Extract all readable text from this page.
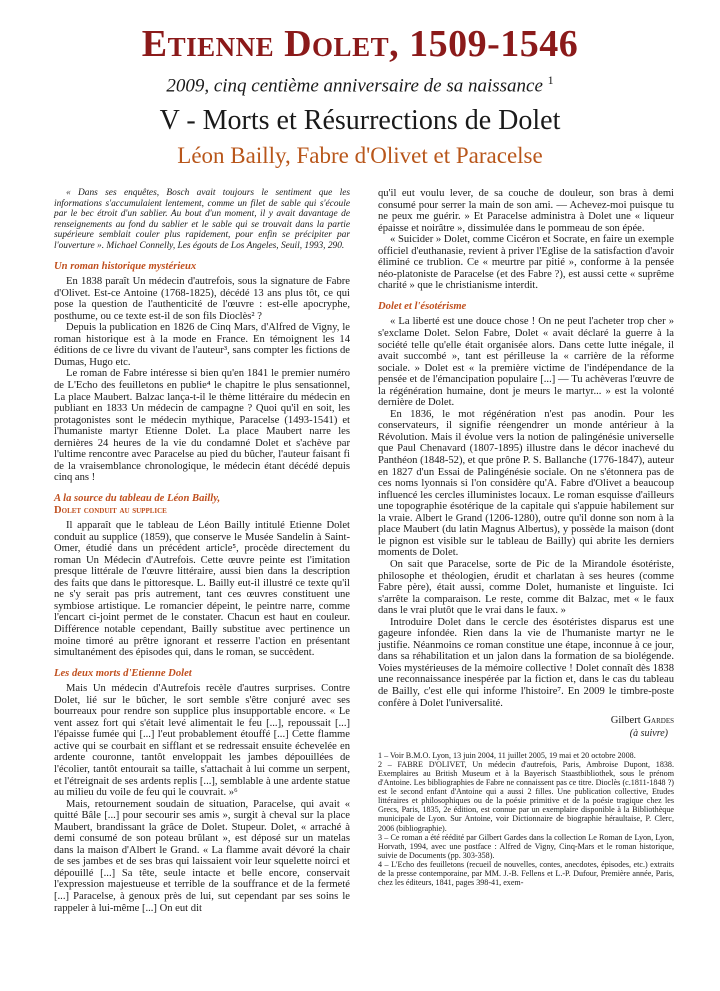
Etienne Dolet, 1509-1546
2009, cinq centième anniversaire de sa naissance $^1$
V - Morts et Résurrections de Dolet
Léon Bailly, Fabre d'Olivet et Paracelse

« Dans ses enquêtes, Bosch avait toujours le sentiment que les informations s'accumulaient lentement, comme un filet de sable qui s'écoule par le bec étroit d'un sablier. Au bout d'un moment, il y avait davantage de renseignements au fond du sablier et le sable qui se trouvait dans la partie supérieure semblait couler plus rapidement, pour enfin se précipiter par l'ouverture ». Michael Connelly, Les égouts de Los Angeles, Seuil, 1993, 290.

Un roman historique mystérieux

En 1838 paraît Un médecin d'autrefois, sous la signature de Fabre d'Olivet. Est-ce Antoine (1768-1825), décédé 13 ans plus tôt, ce qui pose la question de l'authenticité de l'œuvre : est-elle apocryphe, posthume, ou ce texte est-il de son fils Dioclès² ?

Depuis la publication en 1826 de Cinq Mars, d'Alfred de Vigny, le roman historique est à la mode en France. En témoignent les 14 éditions de ce livre du vivant de l'auteur³, sans compter les fictions de Dumas, Hugo etc.

Le roman de Fabre intéresse si bien qu'en 1841 le premier numéro de L'Echo des feuilletons en publie⁴ le chapitre le plus sensationnel, La place Maubert. Balzac lança-t-il le thème littéraire du médecin en publiant en 1833 Un médecin de campagne ? Quoi qu'il en soit, les protagonistes sont le médecin mythique, Paracelse (1493-1541) et l'humaniste martyr Etienne Dolet. La place Maubert narre les dernières 24 heures de la vie du condamné Dolet et s'achève par l'ultime rencontre avec Paracelse au pied du bûcher, l'auteur faisant fi de la vraisemblance chronologique, le médecin étant décédé depuis cinq ans !

A la source du tableau de Léon Bailly,
Dolet conduit au supplice

Il apparaît que le tableau de Léon Bailly intitulé Etienne Dolet conduit au supplice (1859), que conserve le Musée Sandelin à Saint-Omer, étudié dans un précédent article⁵, procède directement du roman Un Médecin d'Autrefois. Cette œuvre peinte est l'imitation presque littérale de l'œuvre littéraire, aussi bien dans la description des faits que dans le pittoresque. L. Bailly eut-il illustré ce texte qu'il ne s'y serait pas pris autrement, tant ces œuvres constituent une symbiose artistique. Le romancier dépeint, le peintre narre, comme l'encart ci-joint permet de le constater. Chacun est haut en couleur. Différence notable cependant, Bailly substitue avec pertinence un moine timoré au prêtre ignorant et resserre l'action en présentant simultanément des épisodes qui, dans le roman, se succèdent.

Les deux morts d'Etienne Dolet

Mais Un médecin d'Autrefois recèle d'autres surprises. Contre Dolet, lié sur le bûcher, le sort semble s'être conjuré avec ses bourreaux pour rendre son supplice plus insupportable encore. « Le vent assez fort qui s'était levé alimentait le feu [...], repoussait [...] l'épaisse fumée qui [...] l'eut probablement étouffé [...] Cette flamme active qui se courbait en sifflant et se redressait ensuite échevelée en ardente couronne, tantôt enveloppait les jambes dépouillées de l'écolier, tantôt entourait sa taille, s'attachait à lui comme un serpent, et l'étreignait de ses ardents replis [...], semblable à une ardente statue au milieu du voile de feu qui le couvrait. »⁶

Mais, retournement soudain de situation, Paracelse, qui avait « quitté Bâle [...] pour secourir ses amis », surgit à cheval sur la place Maubert, brandissant la grâce de Dolet. Stupeur. Dolet, « arraché à demi consumé de son poteau brûlant », est déposé sur un matelas dans la maison d'Albert le Grand. « La flamme avait dévoré la chair de ses jambes et de ses bras qui laissaient voir leur squelette noirci et dépouillé [...] Sa tête, seule intacte et belle encore, conservait l'expression majestueuse et terrible de la souffrance et de la fermeté [...] Paracelse, à genoux près de lui, sut cependant par ses soins le rappeler à lui-même [...] On eut dit

qu'il eut voulu lever, de sa couche de douleur, son bras à demi consumé pour serrer la main de son ami. — Achevez-moi puisque tu ne peux me guérir. » Et Paracelse administra à Dolet une « liqueur épaisse et noirâtre », dissimulée dans le pommeau de son épée.

« Suicider » Dolet, comme Cicéron et Socrate, en faire un exemple officiel d'euthanasie, revient à priver l'Eglise de la satisfaction d'avoir éliminé ce trublion. Ce « meurtre par pitié », conforme à la pensée néo-platoniste de Paracelse (et des Fabre ?), est aussi cette « suprême charité » que le christianisme interdit.

Dolet et l'ésotérisme

« La liberté est une douce chose ! On ne peut l'acheter trop cher » s'exclame Dolet. Selon Fabre, Dolet « avait déclaré la guerre à la société telle qu'elle était organisée alors. Dans cette lutte inégale, il avait succombé », tant est périlleuse la « carrière de la réforme sociale. » Dolet est « la première victime de l'indépendance de la pensée et de l'émancipation populaire [...] — Tu achèveras l'œuvre de la régénération humaine, dont je meurs le martyr... » est la volonté dernière de Dolet.

En 1836, le mot régénération n'est pas anodin. Pour les conservateurs, il signifie réengendrer un monde antérieur à la Révolution. Mais il évolue vers la notion de palingénésie universelle que Paul Chenavard (1807-1895) illustre dans le décor inachevé du Panthéon (1848-52), et que prône P. S. Ballanche (1776-1847), auteur en 1827 d'un Essai de Palingénésie sociale. On ne s'étonnera pas de ces noms lyonnais si l'on considère qu'A. Fabre d'Olivet a beaucoup influencé les cercles illuministes locaux. Le roman esquisse d'ailleurs une topographie ésotérique de la capitale qui s'appuie habilement sur la vraie. Albert le Grand (1206-1280), outre qu'il donne son nom à la place Maubert (du latin Magnus Albertus), y possède la maison (dont le pignon est visible sur le tableau de Bailly) qui abrite les derniers moments de Dolet.

On sait que Paracelse, sorte de Pic de la Mirandole ésotériste, philosophe et théologien, érudit et charlatan à ses heures (comme Fabre père), était aussi, comme Dolet, humaniste et linguiste. Ici s'arrête la comparaison. Le reste, comme dit Balzac, met « le faux dans le vrai plutôt que le vrai dans le faux. »

Introduire Dolet dans le cercle des ésotéristes disparus est une gageure infondée. Rien dans la vie de l'humaniste martyr ne le justifie. Néanmoins ce roman constitue une étape, inconnue à ce jour, dans sa réhabilitation et un jalon dans la formation de sa biolégende. Voies mystérieuses de la mémoire collective ! Dolet connaît dès 1838 une reconnaissance inespérée par la fiction et, dans le cas du tableau de Bailly, c'est elle qui informe l'histoire⁷. En 2009 le timbre-poste confère à Dolet l'universalité.

Gilbert Gardes
(à suivre)

1 – Voir B.M.O. Lyon, 13 juin 2004, 11 juillet 2005, 19 mai et 20 octobre 2008.

2 – FABRE D'OLIVET, Un médecin d'autrefois, Paris, Ambroise Dupont, 1838. Exemplaires au British Museum et à la Bayerisch Staastbibliothek, sous le prénom d'Antoine. Les bibliographies de Fabre ne connaissent pas ce titre. Dioclès (c.1811-1848 ?) est le second enfant d'Antoine qui a aussi 2 filles. Une publication collective, Etudes littéraires et philosophiques ou de la poésie primitive et de la poésie tragique chez les Grecs, Paris, 1835, 2e édition, est connue par un exemplaire disponible à la Bibliothèque municipale de Lyon. Sur Antoine, voir Dictionnaire de biographie héraultaise, P. Clerc, 2006 (bibliographie).

3 – Ce roman a été réédité par Gilbert Gardes dans la collection Le Roman de Lyon, Lyon, Horvath, 1994, avec une postface : Alfred de Vigny, Cinq-Mars et le roman historique, suivie de Documents (pp. 303-358).

4 – L'Echo des feuilletons (recueil de nouvelles, contes, anecdotes, épisodes, etc.) extraits de la presse contemporaine, par MM. J.-B. Fellens et L.-P. Dufour, Première année, Paris, chez les éditeurs, 1841, pages 398-41, exem-
